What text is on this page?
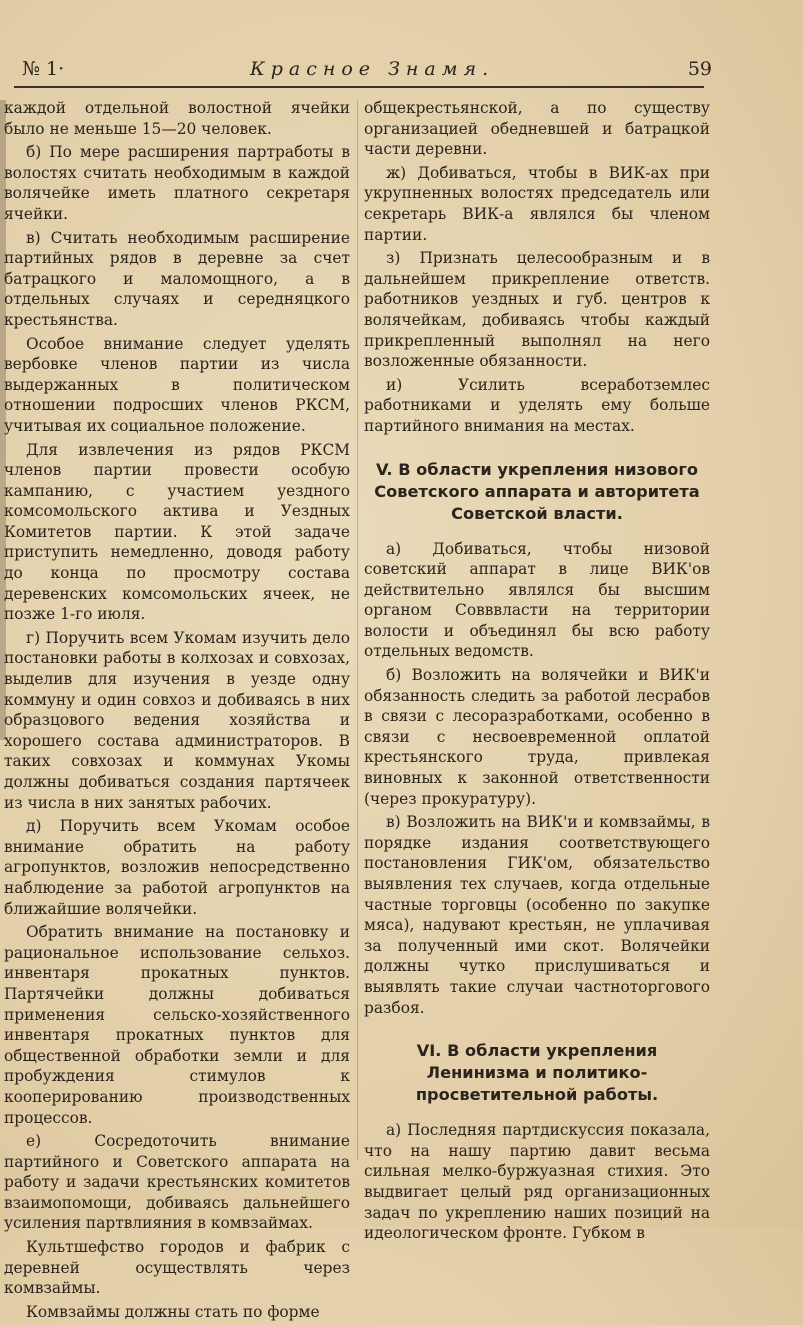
№ 1·	Красное Знамя.	59

каждой отдельной волостной ячейки было не меньше 15—20 человек.

б) По мере расширения партработы в волостях считать необходимым в каждой волячейке иметь платного секретаря ячейки.

в) Считать необходимым расширение партийных рядов в деревне за счет батрацкого и маломощного, а в отдельных случаях и середняцкого крестьянства.

Особое внимание следует уделять вербовке членов партии из числа выдержанных в политическом отношении подросших членов РКСМ, учитывая их социальное положение.

Для извлечения из рядов РКСМ членов партии провести особую кампанию, с участием уездного комсомольского актива и Уездных Комитетов партии. К этой задаче приступить немедленно, доводя работу до конца по просмотру состава деревенских комсомольских ячеек, не позже 1-го июля.

г) Поручить всем Укомам изучить дело постановки работы в колхозах и совхозах, выделив для изучения в уезде одну коммуну и один совхоз и добиваясь в них образцового ведения хозяйства и хорошего состава администраторов. В таких совхозах и коммунах Укомы должны добиваться создания партячеек из числа в них занятых рабочих.

д) Поручить всем Укомам особое внимание обратить на работу агропунктов, возложив непосредственно наблюдение за работой агропунктов на ближайшие волячейки.

Обратить внимание на постановку и рациональное использование сельхоз. инвентаря прокатных пунктов. Партячейки должны добиваться применения сельско-хозяйственного инвентаря прокатных пунктов для общественной обработки земли и для пробуждения стимулов к кооперированию производственных процессов.

е) Сосредоточить внимание партийного и Советского аппарата на работу и задачи крестьянских комитетов взаимопомощи, добиваясь дальнейшего усиления партвлияния в комвзаймах.

Культшефство городов и фабрик с деревней осуществлять через комвзаймы.

Комвзаймы должны стать по форме

общекрестьянской, а по существу организацией обедневшей и батрацкой части деревни.

ж) Добиваться, чтобы в ВИК-ах при укрупненных волостях председатель или секретарь ВИК-а являлся бы членом партии.

з) Признать целесообразным и в дальнейшем прикрепление ответств. работников уездных и губ. центров к волячейкам, добиваясь чтобы каждый прикрепленный выполнял на него возложенные обязанности.

и) Усилить всеработземлес работниками и уделять ему больше партийного внимания на местах.

V. В области укрепления низового Советского аппарата и авторитета Советской власти.

а) Добиваться, чтобы низовой советский аппарат в лице ВИК'ов действительно являлся бы высшим органом Совввласти на территории волости и объединял бы всю работу отдельных ведомств.

б) Возложить на волячейки и ВИК'и обязанность следить за работой лесрабов в связи с лесоразработками, особенно в связи с несвоевременной оплатой крестьянского труда, привлекая виновных к законной ответственности (через прокуратуру).

в) Возложить на ВИК'и и комвзаймы, в порядке издания соответствующего постановления ГИК'ом, обязательство выявления тех случаев, когда отдельные частные торговцы (особенно по закупке мяса), надувают крестьян, не уплачивая за полученный ими скот. Волячейки должны чутко прислушиваться и выявлять такие случаи частноторгового разбоя.

VI. В области укрепления Ленинизма и политико-просветительной работы.

а) Последняя партдискуссия показала, что на нашу партию давит весьма сильная мелко-буржуазная стихия. Это выдвигает целый ряд организационных задач по укреплению наших позиций на идеологическом фронте. Губком в
